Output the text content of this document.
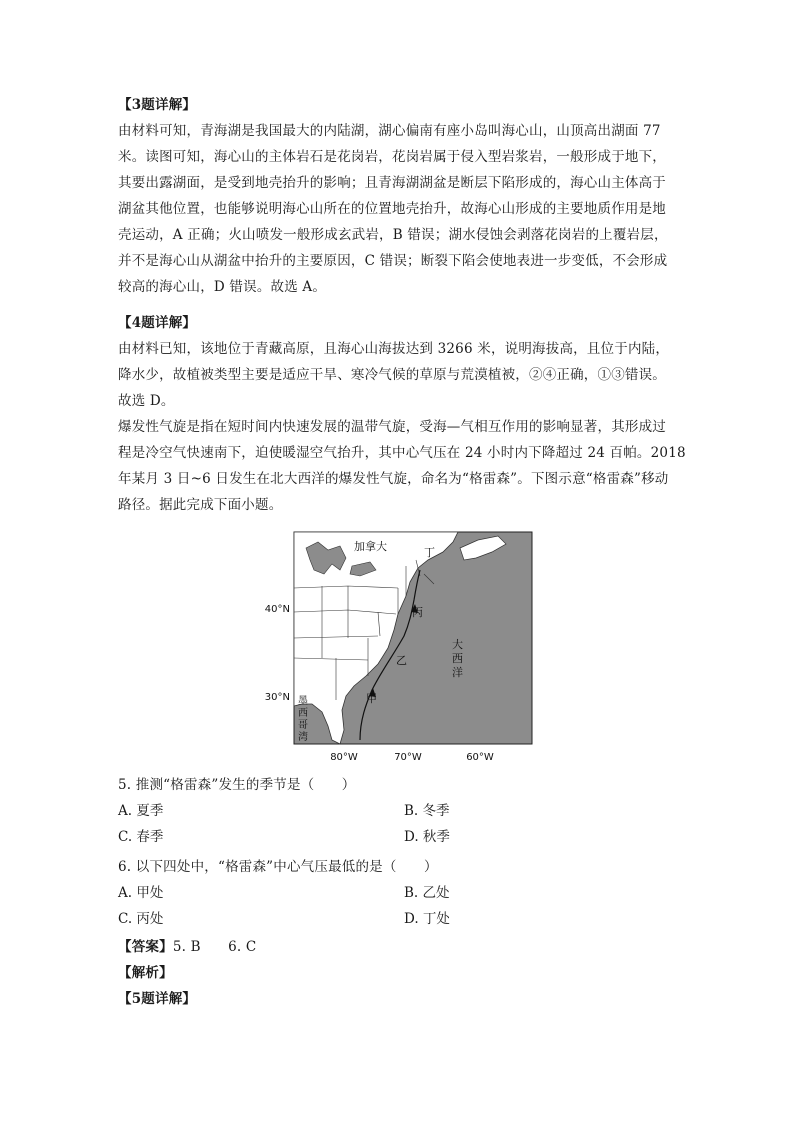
【3题详解】
由材料可知，青海湖是我国最大的内陆湖，湖心偏南有座小岛叫海心山，山顶高出湖面 77
米。读图可知，海心山的主体岩石是花岗岩，花岗岩属于侵入型岩浆岩，一般形成于地下，
其要出露湖面，是受到地壳抬升的影响；且青海湖湖盆是断层下陷形成的，海心山主体高于
湖盆其他位置，也能够说明海心山所在的位置地壳抬升，故海心山形成的主要地质作用是地
壳运动，A 正确；火山喷发一般形成玄武岩，B 错误；湖水侵蚀会剥落花岗岩的上覆岩层，
并不是海心山从湖盆中抬升的主要原因，C 错误；断裂下陷会使地表进一步变低，不会形成
较高的海心山，D 错误。故选 A。
【4题详解】
由材料已知，该地位于青藏高原，且海心山海拔达到 3266 米，说明海拔高，且位于内陆，
降水少，故植被类型主要是适应干旱、寒冷气候的草原与荒漠植被，②④正确，①③错误。
故选 D。
爆发性气旋是指在短时间内快速发展的温带气旋，受海—气相互作用的影响显著，其形成过
程是冷空气快速南下，迫使暖湿空气抬升，其中心气压在 24 小时内下降超过 24 百帕。2018
年某月 3 日~6 日发生在北大西洋的爆发性气旋，命名为“格雷森”。下图示意“格雷森”移动
路径。据此完成下面小题。
甲
乙
丙
丁
加拿大
大
西
洋
墨
西
哥
湾
40°N
30°N
80°W	70°W	60°W
5. 推测“格雷森”发生的季节是（　　）
A. 夏季	B. 冬季
C. 春季	D. 秋季
6. 以下四处中，“格雷森”中心气压最低的是（　　）
A. 甲处	B. 乙处
C. 丙处	D. 丁处
【答案】5. B　　6. C
【解析】
【5题详解】
